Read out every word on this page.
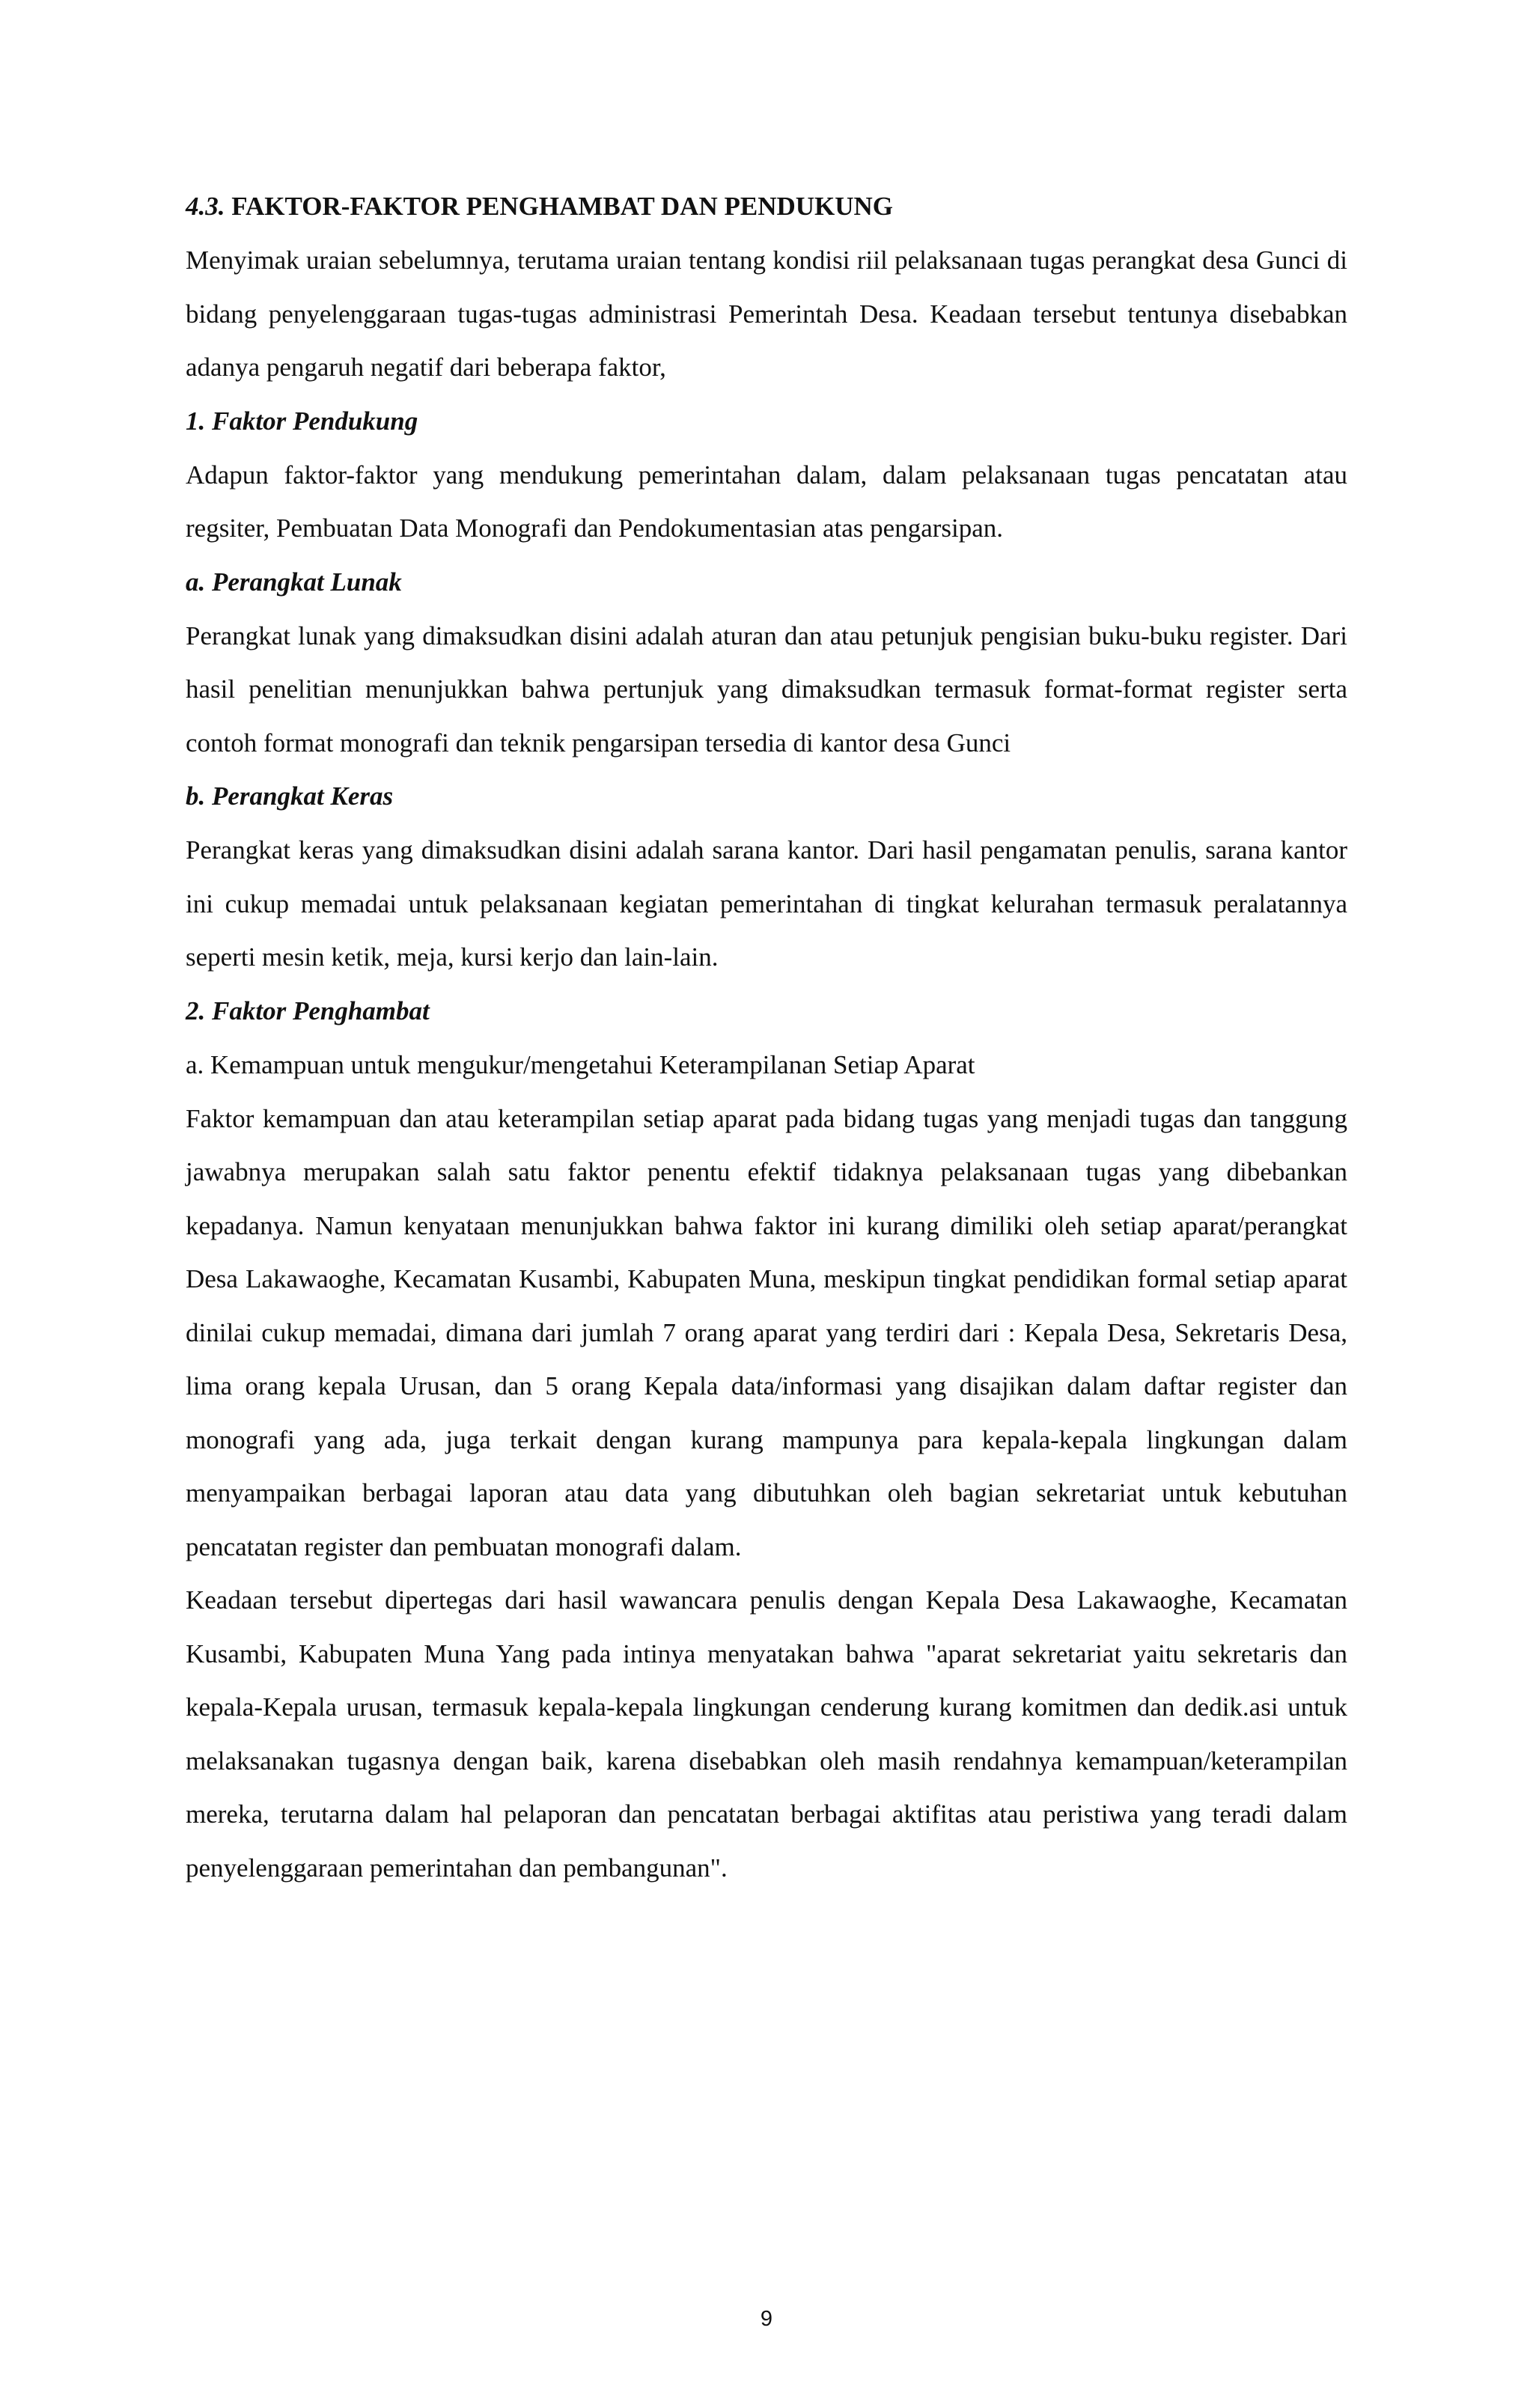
4.3. FAKTOR-FAKTOR PENGHAMBAT DAN PENDUKUNG

Menyimak uraian sebelumnya, terutama uraian tentang kondisi riil pelaksanaan tugas perangkat desa Gunci di bidang penyelenggaraan tugas-tugas administrasi Pemerintah Desa. Keadaan tersebut tentunya disebabkan adanya pengaruh negatif dari beberapa faktor,

1. Faktor Pendukung

Adapun faktor-faktor yang mendukung pemerintahan dalam, dalam pelaksanaan tugas pencatatan atau regsiter, Pembuatan Data Monografi dan Pendokumentasian atas pengarsipan.

a. Perangkat Lunak

Perangkat lunak yang dimaksudkan disini adalah aturan dan atau petunjuk pengisian buku-buku register. Dari hasil penelitian menunjukkan bahwa pertunjuk yang dimaksudkan termasuk format-format register serta contoh format monografi dan teknik pengarsipan tersedia di kantor desa Gunci

b. Perangkat Keras

Perangkat keras yang dimaksudkan disini adalah sarana kantor. Dari hasil pengamatan penulis, sarana kantor ini cukup memadai untuk pelaksanaan kegiatan pemerintahan di tingkat kelurahan termasuk peralatannya seperti mesin ketik, meja, kursi kerjo dan lain-lain.

2. Faktor Penghambat
a. Kemampuan untuk mengukur/mengetahui Keterampilanan Setiap Aparat

Faktor kemampuan dan atau keterampilan setiap aparat pada bidang tugas yang menjadi tugas dan tanggung jawabnya merupakan salah satu faktor penentu efektif tidaknya pelaksanaan tugas yang dibebankan kepadanya. Namun kenyataan menunjukkan bahwa faktor ini kurang dimiliki oleh setiap aparat/perangkat Desa Lakawaoghe, Kecamatan Kusambi, Kabupaten Muna, meskipun tingkat pendidikan formal setiap aparat dinilai cukup memadai, dimana dari jumlah 7 orang aparat yang terdiri dari : Kepala Desa, Sekretaris Desa, lima orang kepala Urusan, dan 5 orang Kepala data/informasi yang disajikan dalam daftar register dan monografi yang ada, juga terkait dengan kurang mampunya para kepala-kepala lingkungan dalam menyampaikan berbagai laporan atau data yang dibutuhkan oleh bagian sekretariat untuk kebutuhan pencatatan register dan pembuatan monografi dalam.

Keadaan tersebut dipertegas dari hasil wawancara penulis dengan Kepala Desa Lakawaoghe, Kecamatan Kusambi, Kabupaten Muna Yang pada intinya menyatakan bahwa "aparat sekretariat yaitu sekretaris dan kepala-Kepala urusan, termasuk kepala-kepala lingkungan cenderung kurang komitmen dan dedik.asi untuk melaksanakan tugasnya dengan baik, karena disebabkan oleh masih rendahnya kemampuan/keterampilan mereka, terutarna dalam hal pelaporan dan pencatatan berbagai aktifitas atau peristiwa yang teradi dalam penyelenggaraan pemerintahan dan pembangunan".

9
